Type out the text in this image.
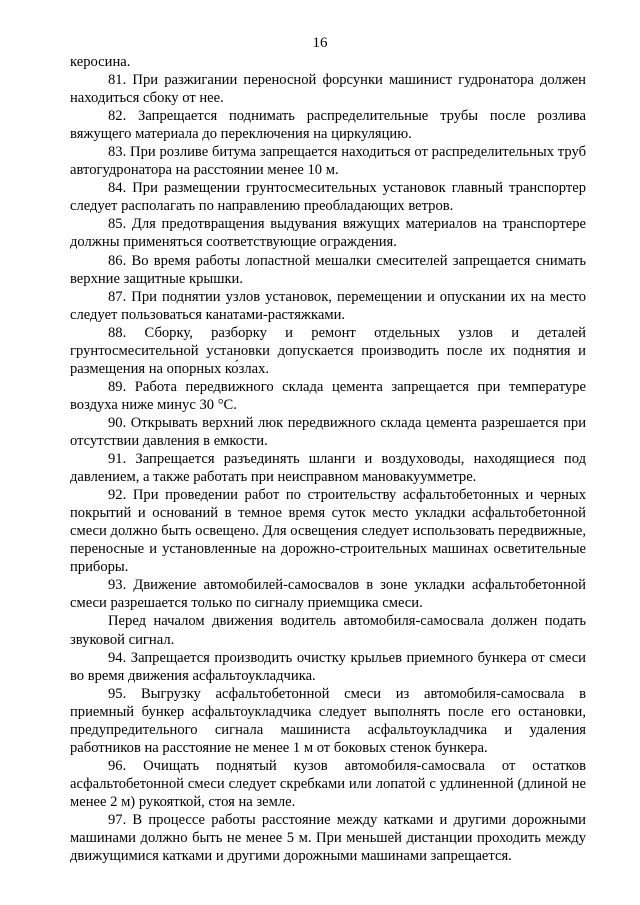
16

керосина.

81. При разжигании переносной форсунки машинист гудронатора должен находиться сбоку от нее.

82. Запрещается поднимать распределительные трубы после розлива вяжущего материала до переключения на циркуляцию.

83. При розливе битума запрещается находиться от распределительных труб автогудронатора на расстоянии менее 10 м.

84. При размещении грунтосмесительных установок главный транспортер следует располагать по направлению преобладающих ветров.

85. Для предотвращения выдувания вяжущих материалов на транспортере должны применяться соответствующие ограждения.

86. Во время работы лопастной мешалки смесителей запрещается снимать верхние защитные крышки.

87. При поднятии узлов установок, перемещении и опускании их на место следует пользоваться канатами-растяжками.

88. Сборку, разборку и ремонт отдельных узлов и деталей грунтосмесительной установки допускается производить после их поднятия и размещения на опорных ко́злах.

89. Работа передвижного склада цемента запрещается при температуре воздуха ниже минус 30 °С.

90. Открывать верхний люк передвижного склада цемента разрешается при отсутствии давления в емкости.

91. Запрещается разъединять шланги и воздуховоды, находящиеся под давлением, а также работать при неисправном мановакуумметре.

92. При проведении работ по строительству асфальтобетонных и черных покрытий и оснований в темное время суток место укладки асфальтобетонной смеси должно быть освещено. Для освещения следует использовать передвижные, переносные и установленные на дорожно-строительных машинах осветительные приборы.

93. Движение автомобилей-самосвалов в зоне укладки асфальтобетонной смеси разрешается только по сигналу приемщика смеси.

Перед началом движения водитель автомобиля-самосвала должен подать звуковой сигнал.

94. Запрещается производить очистку крыльев приемного бункера от смеси во время движения асфальтоукладчика.

95. Выгрузку асфальтобетонной смеси из автомобиля-самосвала в приемный бункер асфальтоукладчика следует выполнять после его остановки, предупредительного сигнала машиниста асфальтоукладчика и удаления работников на расстояние не менее 1 м от боковых стенок бункера.

96. Очищать поднятый кузов автомобиля-самосвала от остатков асфальтобетонной смеси следует скребками или лопатой с удлиненной (длиной не менее 2 м) рукояткой, стоя на земле.

97. В процессе работы расстояние между катками и другими дорожными машинами должно быть не менее 5 м. При меньшей дистанции проходить между движущимися катками и другими дорожными машинами запрещается.
